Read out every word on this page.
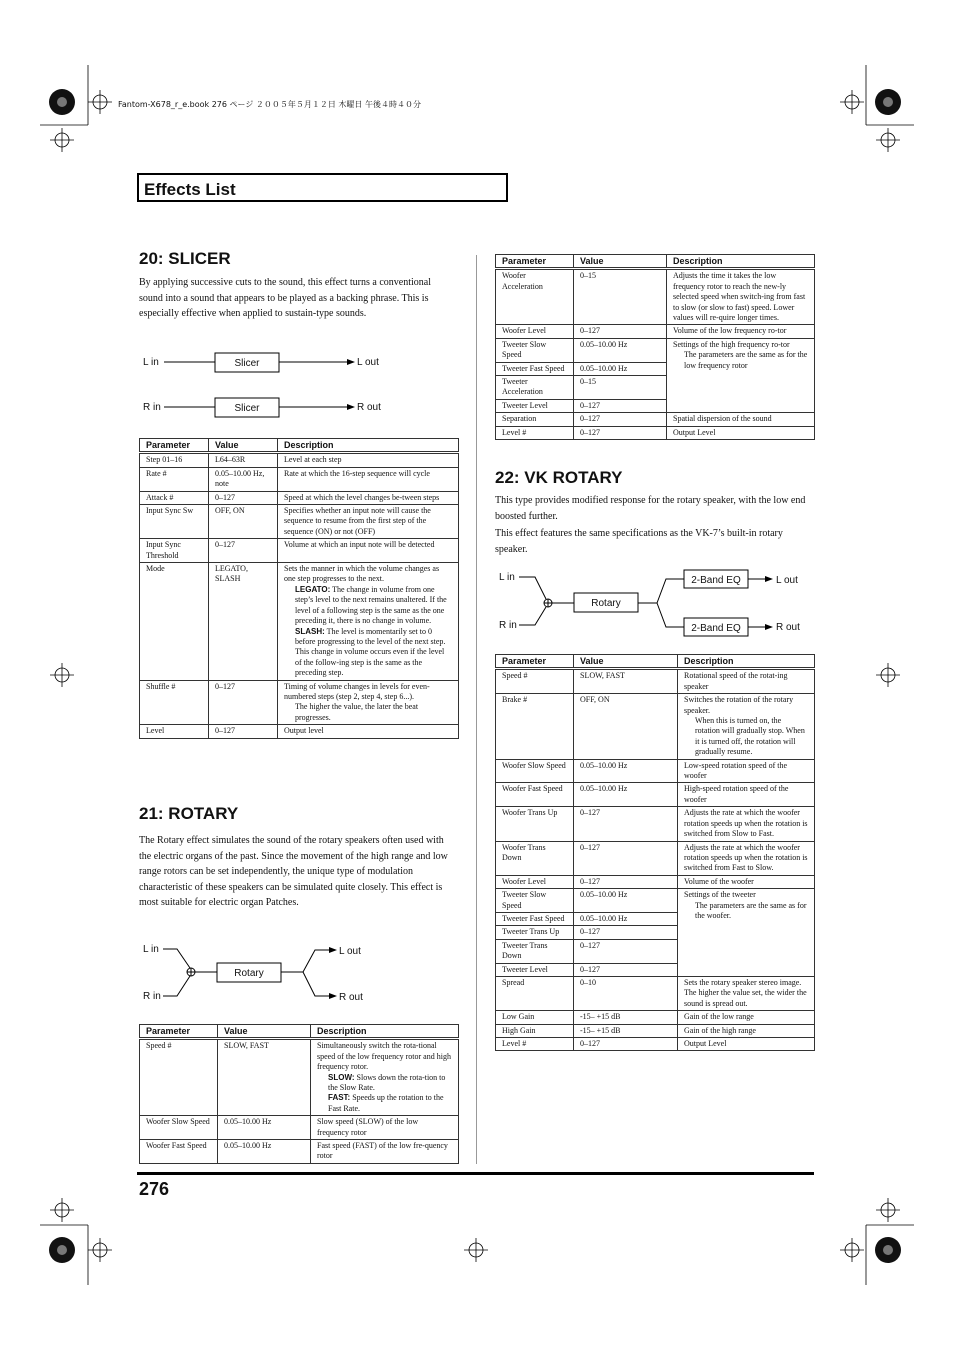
Fantom-X678_r_e.book 276 ページ ２００５年５月１２日 木曜日 午後４時４０分
Effects List
20: SLICER

By applying successive cuts to the sound, this effect turns a conventional sound into a sound that appears to be played as a backing phrase. This is especially effective when applied to sustain-type sounds.

L in
R in
Slicer
Slicer
L out
R out
Parameter	Value	Description
Step 01–16	L64–63R	Level at each step
Rate #	0.05–10.00 Hz, note	Rate at which the 16-step sequence will cycle
Attack #	0–127	Speed at which the level changes be-tween steps
Input Sync Sw	OFF, ON	Specifies whether an input note will cause the sequence to resume from the first step of the sequence (ON) or not (OFF)
Input Sync Threshold	0–127	Volume at which an input note will be detected
Mode	LEGATO, SLASH	Sets the manner in which the volume changes as one step progresses to the next.
LEGATO: The change in volume from one step’s level to the next remains unaltered. If the level of a following step is the same as the one preceding it, there is no change in volume.
SLASH: The level is momentarily set to 0 before progressing to the level of the next step. This change in volume occurs even if the level of the follow-ing step is the same as the preceding step.

Shuffle #	0–127	Timing of volume changes in levels for even-numbered steps (step 2, step 4, step 6...).
The higher the value, the later the beat progresses.

Level	0–127	Output level
21: ROTARY

The Rotary effect simulates the sound of the rotary speakers often used with the electric organs of the past. Since the movement of the high range and low range rotors can be set independently, the unique type of modulation characteristic of these speakers can be simulated quite closely. This effect is most suitable for electric organ Patches.

L in
R in
Rotary
L out
R out
Parameter	Value	Description
Speed #	SLOW, FAST	Simultaneously switch the rota-tional speed of the low frequency rotor and high frequency rotor.
SLOW: Slows down the rota-tion to the Slow Rate.
FAST: Speeds up the rotation to the Fast Rate.

Woofer Slow Speed	0.05–10.00 Hz	Slow speed (SLOW) of the low frequency rotor
Woofer Fast Speed	0.05–10.00 Hz	Fast speed (FAST) of the low fre-quency rotor
Parameter	Value	Description
Woofer Acceleration	0–15	Adjusts the time it takes the low frequency rotor to reach the new-ly selected speed when switch-ing from fast to slow (or slow to fast) speed. Lower values will re-quire longer times.
Woofer Level	0–127	Volume of the low frequency ro-tor
Tweeter Slow Speed	0.05–10.00 Hz	Settings of the high frequency ro-tor
The parameters are the same as for the low frequency rotor

Tweeter Fast Speed	0.05–10.00 Hz	
Tweeter Acceleration	0–15	
Tweeter Level	0–127	
Separation	0–127	Spatial dispersion of the sound
Level #	0–127	Output Level
22: VK ROTARY

This type provides modified response for the rotary speaker, with the low end boosted further.

This effect features the same specifications as the VK-7’s built-in rotary speaker.

L in
R in
Rotary
2-Band EQ
2-Band EQ
L out
R out
Parameter	Value	Description
Speed #	SLOW, FAST	Rotational speed of the rotat-ing speaker
Brake #	OFF, ON	Switches the rotation of the rotary speaker.
When this is turned on, the rotation will gradually stop. When it is turned off, the rotation will gradually resume.

Woofer Slow Speed	0.05–10.00 Hz	Low-speed rotation speed of the woofer
Woofer Fast Speed	0.05–10.00 Hz	High-speed rotation speed of the woofer
Woofer Trans Up	0–127	Adjusts the rate at which the woofer rotation speeds up when the rotation is switched from Slow to Fast.
Woofer Trans Down	0–127	Adjusts the rate at which the woofer rotation speeds up when the rotation is switched from Fast to Slow.
Woofer Level	0–127	Volume of the woofer
Tweeter Slow Speed	0.05–10.00 Hz	Settings of the tweeter
The parameters are the same as for the woofer.

Tweeter Fast Speed	0.05–10.00 Hz	
Tweeter Trans Up	0–127	
Tweeter Trans Down	0–127	
Tweeter Level	0–127	
Spread	0–10	Sets the rotary speaker stereo image. The higher the value set, the wider the sound is spread out.
Low Gain	-15– +15 dB	Gain of the low range
High Gain	-15– +15 dB	Gain of the high range
Level #	0–127	Output Level
276
